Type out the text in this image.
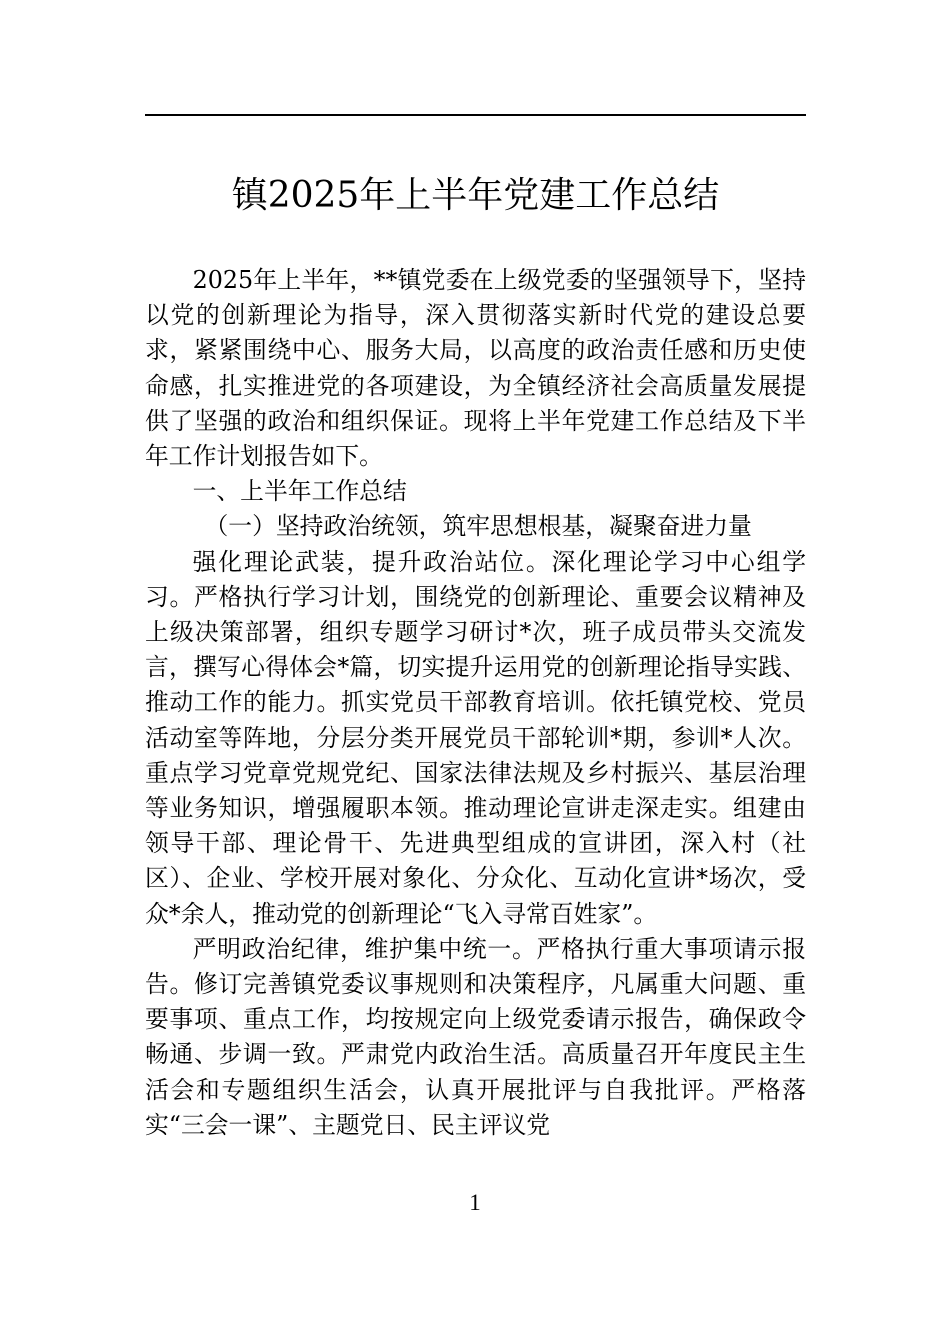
镇2025年上半年党建工作总结

2025年上半年，**镇党委在上级党委的坚强领导下，坚持以党的创新理论为指导，深入贯彻落实新时代党的建设总要求，紧紧围绕中心、服务大局，以高度的政治责任感和历史使命感，扎实推进党的各项建设，为全镇经济社会高质量发展提供了坚强的政治和组织保证。现将上半年党建工作总结及下半年工作计划报告如下。

一、上半年工作总结

（一）坚持政治统领，筑牢思想根基，凝聚奋进力量

强化理论武装，提升政治站位。深化理论学习中心组学习。严格执行学习计划，围绕党的创新理论、重要会议精神及上级决策部署，组织专题学习研讨*次，班子成员带头交流发言，撰写心得体会*篇，切实提升运用党的创新理论指导实践、推动工作的能力。抓实党员干部教育培训。依托镇党校、党员活动室等阵地，分层分类开展党员干部轮训*期，参训*人次。重点学习党章党规党纪、国家法律法规及乡村振兴、基层治理等业务知识，增强履职本领。推动理论宣讲走深走实。组建由领导干部、理论骨干、先进典型组成的宣讲团，深入村（社区）、企业、学校开展对象化、分众化、互动化宣讲*场次，受众*余人，推动党的创新理论“飞入寻常百姓家”。

严明政治纪律，维护集中统一。严格执行重大事项请示报告。修订完善镇党委议事规则和决策程序，凡属重大问题、重要事项、重点工作，均按规定向上级党委请示报告，确保政令畅通、步调一致。严肃党内政治生活。高质量召开年度民主生活会和专题组织生活会，认真开展批评与自我批评。严格落实“三会一课”、主题党日、民主评议党

1
